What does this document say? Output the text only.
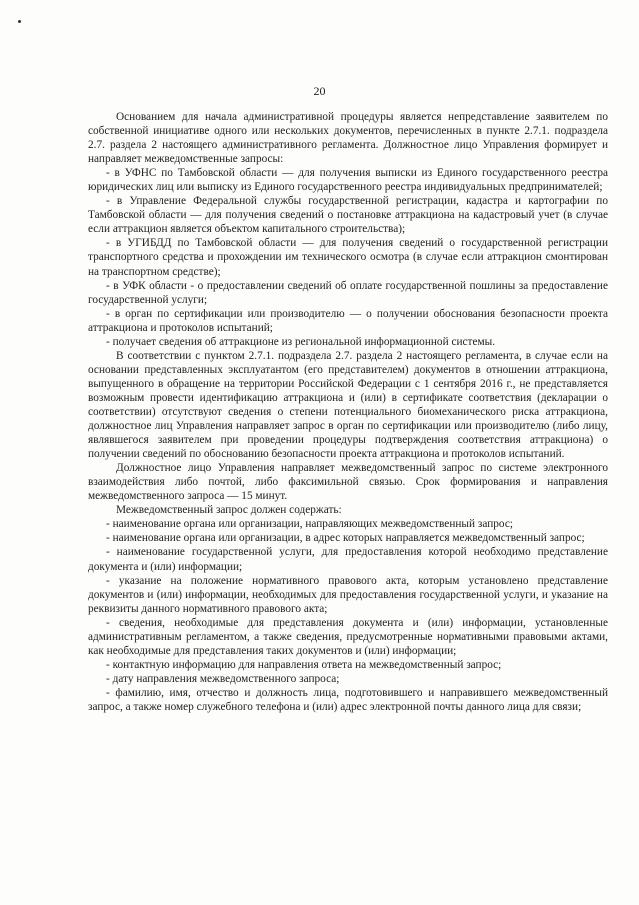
20

Основанием для начала административной процедуры является непредставление заявителем по собственной инициативе одного или нескольких документов, перечисленных в пункте 2.7.1. подраздела 2.7. раздела 2 настоящего административного регламента. Должностное лицо Управления формирует и направляет межведомственные запросы:

- в УФНС по Тамбовской области — для получения выписки из Единого государственного реестра юридических лиц или выписку из Единого государственного реестра индивидуальных предпринимателей;

- в Управление Федеральной службы государственной регистрации, кадастра и картографии по Тамбовской области — для получения сведений о постановке аттракциона на кадастровый учет (в случае если аттракцион является объектом капитального строительства);

- в УГИБДД по Тамбовской области — для получения сведений о государственной регистрации транспортного средства и прохождении им технического осмотра (в случае если аттракцион смонтирован на транспортном средстве);

- в УФК области - о предоставлении сведений об оплате государственной пошлины за предоставление государственной услуги;

- в орган по сертификации или производителю — о получении обоснования безопасности проекта аттракциона и протоколов испытаний;

- получает сведения об аттракционе из региональной информационной системы.

В соответствии с пунктом 2.7.1. подраздела 2.7. раздела 2 настоящего регламента, в случае если на основании представленных эксплуатантом (его представителем) документов в отношении аттракциона, выпущенного в обращение на территории Российской Федерации с 1 сентября 2016 г., не представляется возможным провести идентификацию аттракциона и (или) в сертификате соответствия (декларации о соответствии) отсутствуют сведения о степени потенциального биомеханического риска аттракциона, должностное лиц Управления направляет запрос в орган по сертификации или производителю (либо лицу, являвшегося заявителем при проведении процедуры подтверждения соответствия аттракциона) о получении сведений по обоснованию безопасности проекта аттракциона и протоколов испытаний.

Должностное лицо Управления направляет межведомственный запрос по системе электронного взаимодействия либо почтой, либо факсимильной связью. Срок формирования и направления межведомственного запроса — 15 минут.

Межведомственный запрос должен содержать:

- наименование органа или организации, направляющих межведомственный запрос;

- наименование органа или организации, в адрес которых направляется межведомственный запрос;

- наименование государственной услуги, для предоставления которой необходимо представление документа и (или) информации;

- указание на положение нормативного правового акта, которым установлено представление документов и (или) информации, необходимых для предоставления государственной услуги, и указание на реквизиты данного нормативного правового акта;

- сведения, необходимые для представления документа и (или) информации, установленные административным регламентом, а также сведения, предусмотренные нормативными правовыми актами, как необходимые для представления таких документов и (или) информации;

- контактную информацию для направления ответа на межведомственный запрос;

- дату направления межведомственного запроса;

- фамилию, имя, отчество и должность лица, подготовившего и направившего межведомственный запрос, а также номер служебного телефона и (или) адрес электронной почты данного лица для связи;
